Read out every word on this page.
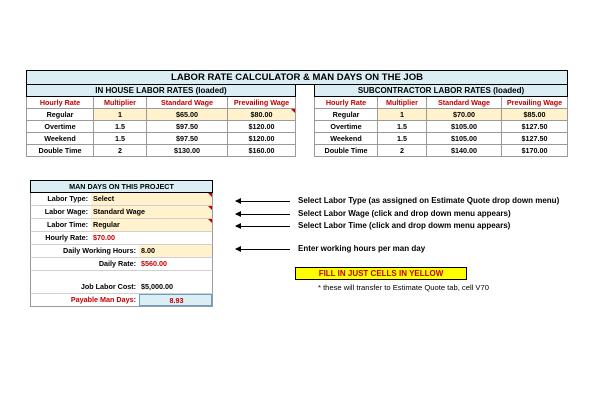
LABOR RATE CALCULATOR & MAN DAYS ON THE JOB
IN HOUSE LABOR RATES (loaded)			
Hourly Rate	Multiplier	Standard Wage	Prevailing Wage
Regular	1	$65.00	$80.00
Overtime	1.5	$97.50	$120.00
Weekend	1.5	$97.50	$120.00
Double Time	2	$130.00	$160.00
SUBCONTRACTOR LABOR RATES (loaded)			
Hourly Rate	Multiplier	Standard Wage	Prevailing Wage
Regular	1	$70.00	$85.00
Overtime	1.5	$105.00	$127.50
Weekend	1.5	$105.00	$127.50
Double Time	2	$140.00	$170.00
MAN DAYS ON THIS PROJECT
Labor Type: Select
Labor Wage: Standard Wage
Labor Time: Regular
Hourly Rate: $70.00
Daily Working Hours: 8.00
Daily Rate: $560.00
Job Labor Cost: $5,000.00
Payable Man Days:	8.93
Select Labor Type (as assigned on Estimate Quote drop down menu)
Select Labor Wage (click and drop down menu appears)
Select Labor Time (click and drop dowm menu appears)
Enter working hours per man day
FILL IN JUST CELLS IN YELLOW
* these will transfer to Estimate Quote tab, cell V70
